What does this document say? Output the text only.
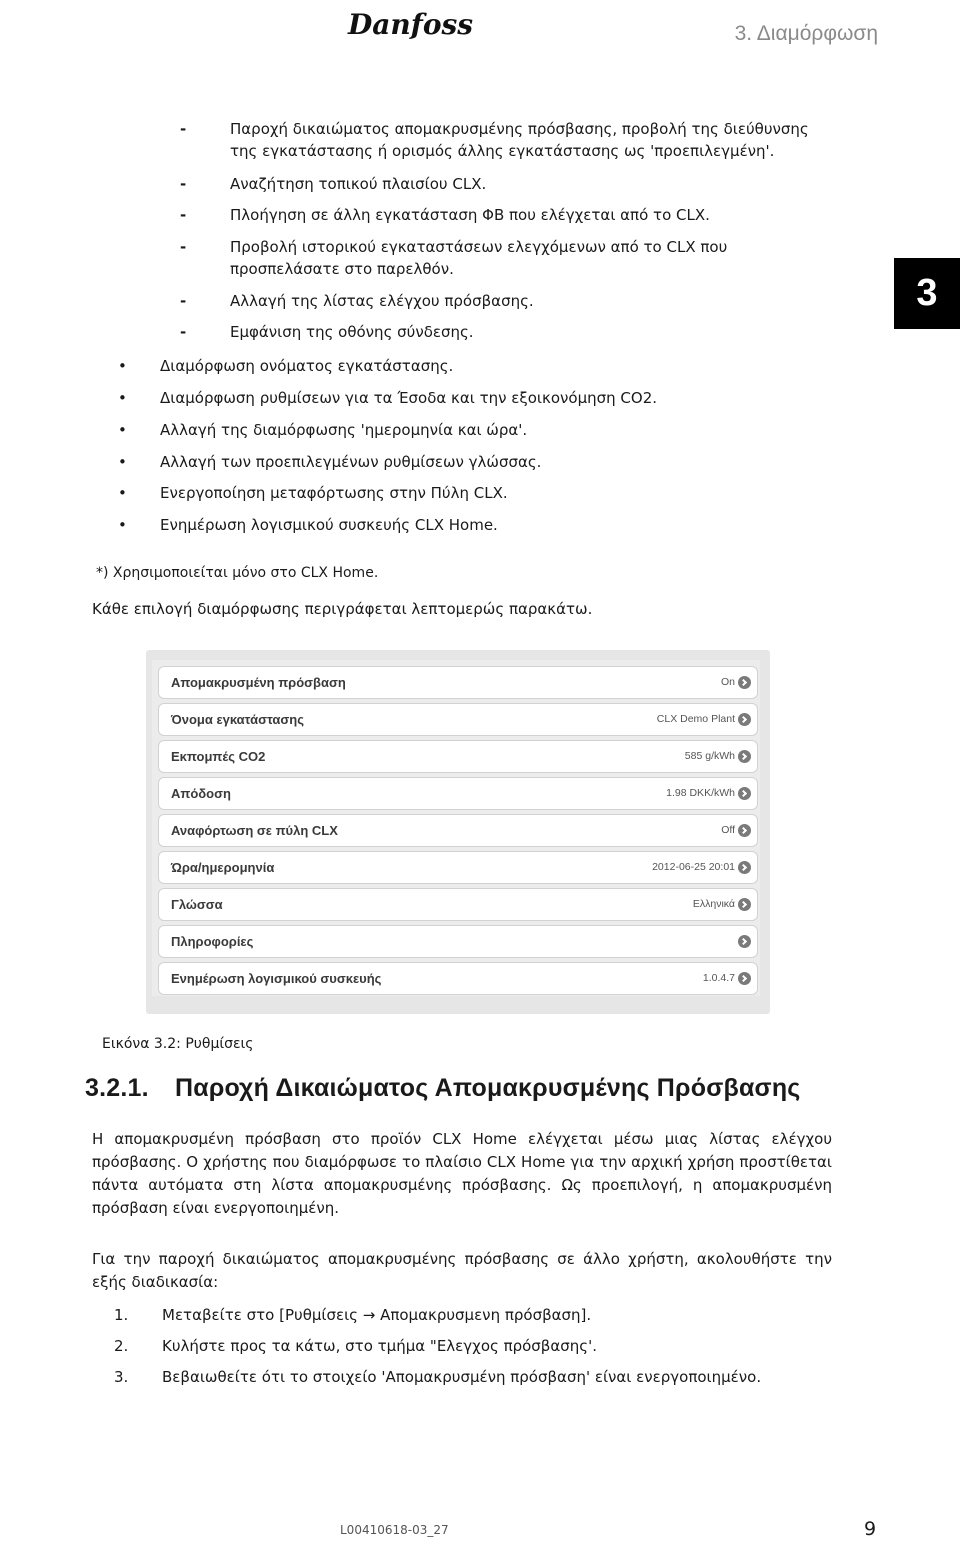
Danfoss	3. Διαμόρφωση
3
-	Παροχή δικαιώματος απομακρυσμένης πρόσβασης, προβολή της διεύθυνσης της εγκατάστασης ή ορισμός άλλης εγκατάστασης ως 'προεπιλεγμένη'.
-	Αναζήτηση τοπικού πλαισίου CLX.
-	Πλοήγηση σε άλλη εγκατάσταση ΦΒ που ελέγχεται από το CLX.
-	Προβολή ιστορικού εγκαταστάσεων ελεγχόμενων από το CLX που προσπελάσατε στο παρελθόν.
-	Αλλαγή της λίστας ελέγχου πρόσβασης.
-	Εμφάνιση της οθόνης σύνδεσης.
• Διαμόρφωση ονόματος εγκατάστασης.
• Διαμόρφωση ρυθμίσεων για τα Έσοδα και την εξοικονόμηση CO2.
• Αλλαγή της διαμόρφωσης 'ημερομηνία και ώρα'.
• Αλλαγή των προεπιλεγμένων ρυθμίσεων γλώσσας.
• Ενεργοποίηση μεταφόρτωσης στην Πύλη CLX.
• Ενημέρωση λογισμικού συσκευής CLX Home.
*) Χρησιμοποιείται μόνο στο CLX Home.
Κάθε επιλογή διαμόρφωσης περιγράφεται λεπτομερώς παρακάτω.
Απομακρυσμένη πρόσβαση	On
Όνομα εγκατάστασης	CLX Demo Plant
Εκπομπές CO2	585 g/kWh
Απόδοση	1.98 DKK/kWh
Αναφόρτωση σε πύλη CLX	Off
Ώρα/ημερομηνία	2012-06-25 20:01
Γλώσσα	Ελληνικά
Πληροφορίες
Ενημέρωση λογισμικού συσκευής	1.0.4.7
Εικόνα 3.2: Ρυθμίσεις
3.2.1. Παροχή Δικαιώματος Απομακρυσμένης Πρόσβασης
Η απομακρυσμένη πρόσβαση στο προϊόν CLX Home ελέγχεται μέσω μιας λίστας ελέγχου πρόσβασης. Ο χρήστης που διαμόρφωσε το πλαίσιο CLX Home για την αρχική χρήση προστίθεται πάντα αυτόματα στη λίστα απομακρυσμένης πρόσβασης. Ως προεπιλογή, η απομακρυσμένη πρόσβαση είναι ενεργοποιημένη.
Για την παροχή δικαιώματος απομακρυσμένης πρόσβασης σε άλλο χρήστη, ακολουθήστε την εξής διαδικασία:
1. Μεταβείτε στο [Ρυθμίσεις → Απομακρυσμενη πρόσβαση].
2. Κυλήστε προς τα κάτω, στο τμήμα "Ελεγχος πρόσβασης'.
3. Βεβαιωθείτε ότι το στοιχείο 'Απομακρυσμένη πρόσβαση' είναι ενεργοποιημένο.
L00410618-03_27	9
